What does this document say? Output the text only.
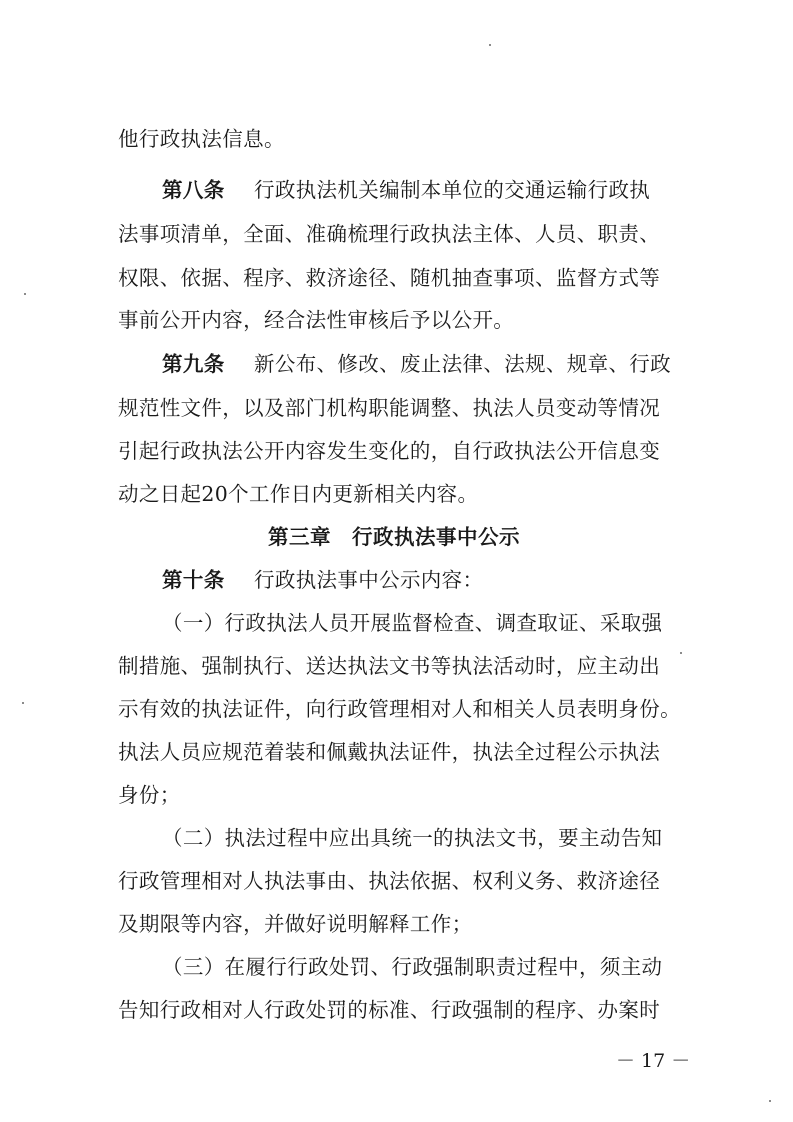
他行政执法信息。
第八条 行政执法机关编制本单位的交通运输行政执
法事项清单，全面、准确梳理行政执法主体、人员、职责、
权限、依据、程序、救济途径、随机抽查事项、监督方式等
事前公开内容，经合法性审核后予以公开。
第九条 新公布、修改、废止法律、法规、规章、行政
规范性文件，以及部门机构职能调整、执法人员变动等情况
引起行政执法公开内容发生变化的，自行政执法公开信息变
动之日起20个工作日内更新相关内容。
第三章　行政执法事中公示
第十条 行政执法事中公示内容：
（一）行政执法人员开展监督检查、调查取证、采取强
制措施、强制执行、送达执法文书等执法活动时，应主动出
示有效的执法证件，向行政管理相对人和相关人员表明身份。
执法人员应规范着装和佩戴执法证件，执法全过程公示执法
身份；
（二）执法过程中应出具统一的执法文书，要主动告知
行政管理相对人执法事由、执法依据、权利义务、救济途径
及期限等内容，并做好说明解释工作；
（三）在履行行政处罚、行政强制职责过程中，须主动
告知行政相对人行政处罚的标准、行政强制的程序、办案时
－ 17 －
